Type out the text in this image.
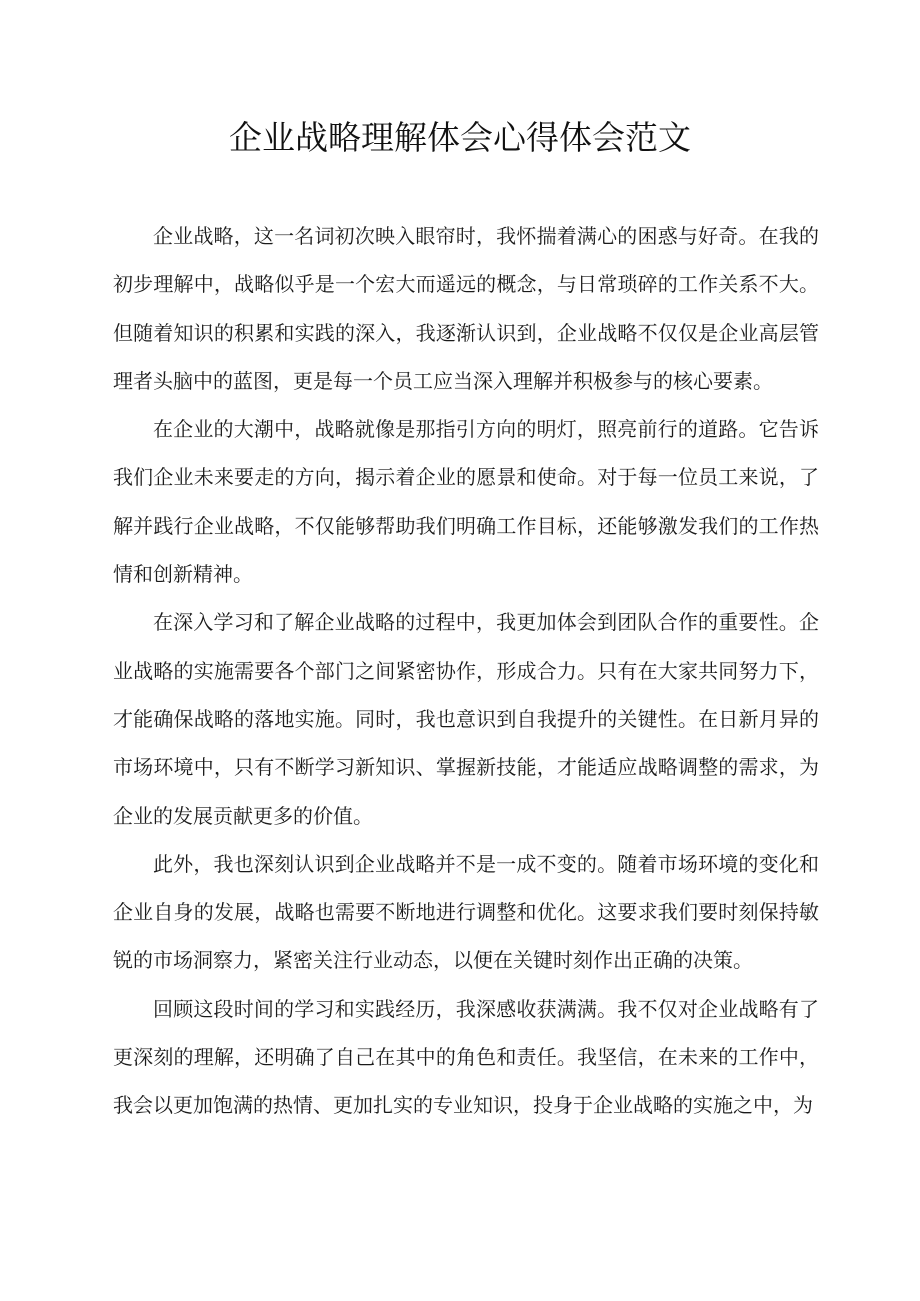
企业战略理解体会心得体会范文

企业战略，这一名词初次映入眼帘时，我怀揣着满心的困惑与好奇。在我的初步理解中，战略似乎是一个宏大而遥远的概念，与日常琐碎的工作关系不大。但随着知识的积累和实践的深入，我逐渐认识到，企业战略不仅仅是企业高层管理者头脑中的蓝图，更是每一个员工应当深入理解并积极参与的核心要素。

在企业的大潮中，战略就像是那指引方向的明灯，照亮前行的道路。它告诉我们企业未来要走的方向，揭示着企业的愿景和使命。对于每一位员工来说，了解并践行企业战略，不仅能够帮助我们明确工作目标，还能够激发我们的工作热情和创新精神。

在深入学习和了解企业战略的过程中，我更加体会到团队合作的重要性。企业战略的实施需要各个部门之间紧密协作，形成合力。只有在大家共同努力下，才能确保战略的落地实施。同时，我也意识到自我提升的关键性。在日新月异的市场环境中，只有不断学习新知识、掌握新技能，才能适应战略调整的需求，为企业的发展贡献更多的价值。

此外，我也深刻认识到企业战略并不是一成不变的。随着市场环境的变化和企业自身的发展，战略也需要不断地进行调整和优化。这要求我们要时刻保持敏锐的市场洞察力，紧密关注行业动态，以便在关键时刻作出正确的决策。

回顾这段时间的学习和实践经历，我深感收获满满。我不仅对企业战略有了更深刻的理解，还明确了自己在其中的角色和责任。我坚信，在未来的工作中，我会以更加饱满的热情、更加扎实的专业知识，投身于企业战略的实施之中，为
